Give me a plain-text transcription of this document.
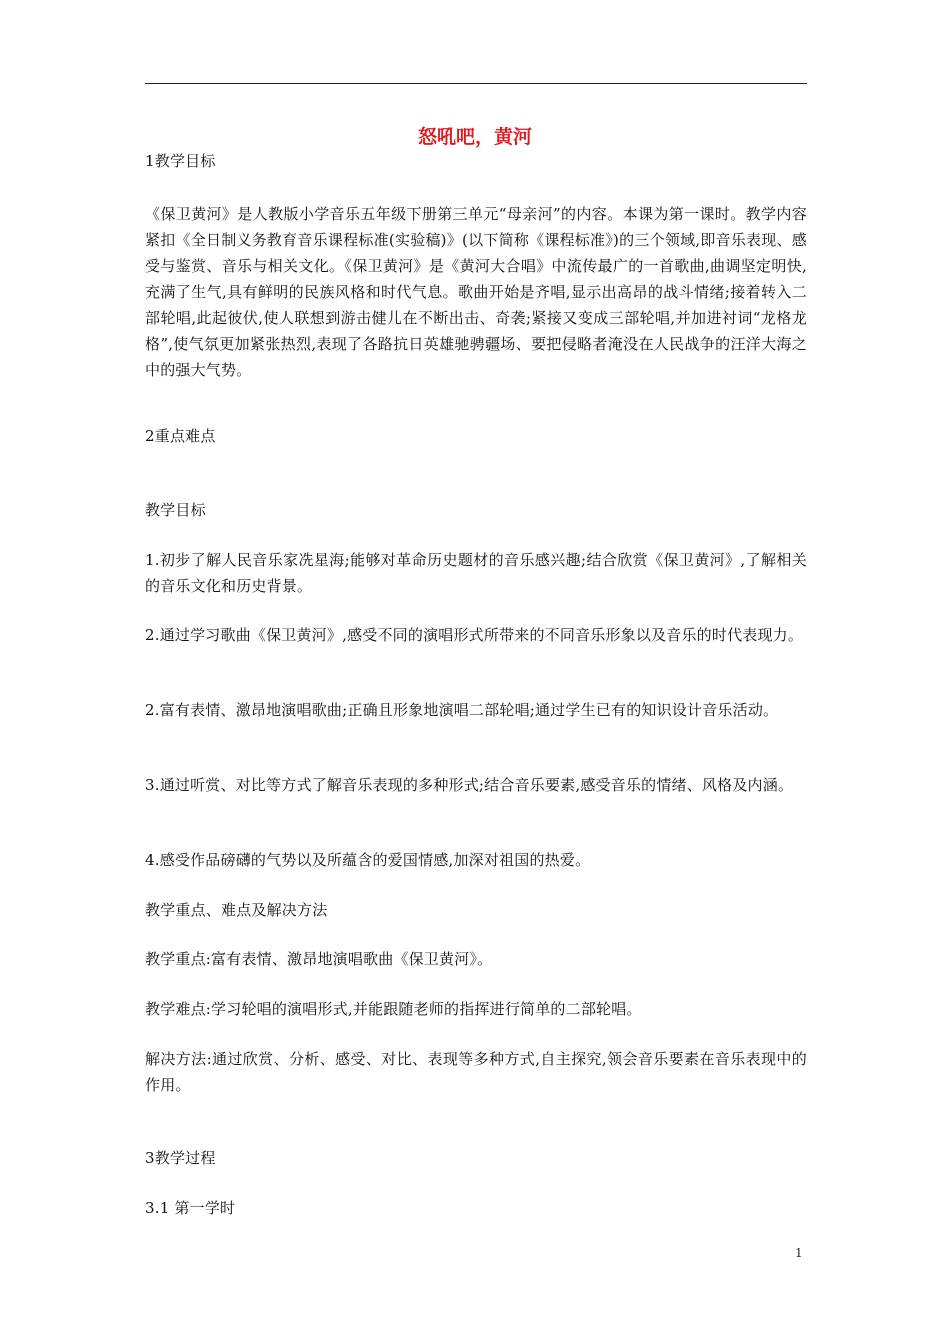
怒吼吧，黄河

1教学目标

《保卫黄河》是人教版小学音乐五年级下册第三单元“母亲河”的内容。本课为第一课时。教学内容紧扣《全日制义务教育音乐课程标准(实验稿)》(以下简称《课程标准》)的三个领域,即音乐表现、感受与鉴赏、音乐与相关文化。《保卫黄河》是《黄河大合唱》中流传最广的一首歌曲,曲调坚定明快,充满了生气,具有鲜明的民族风格和时代气息。歌曲开始是齐唱,显示出高昂的战斗情绪;接着转入二部轮唱,此起彼伏,使人联想到游击健儿在不断出击、奇袭;紧接又变成三部轮唱,并加进衬词“龙格龙格”,使气氛更加紧张热烈,表现了各路抗日英雄驰骋疆场、要把侵略者淹没在人民战争的汪洋大海之中的强大气势。

2重点难点

教学目标

1.初步了解人民音乐家冼星海;能够对革命历史题材的音乐感兴趣;结合欣赏《保卫黄河》,了解相关的音乐文化和历史背景。

2.通过学习歌曲《保卫黄河》,感受不同的演唱形式所带来的不同音乐形象以及音乐的时代表现力。

2.富有表情、激昂地演唱歌曲;正确且形象地演唱二部轮唱;通过学生已有的知识设计音乐活动。

3.通过听赏、对比等方式了解音乐表现的多种形式;结合音乐要素,感受音乐的情绪、风格及内涵。

4.感受作品磅礴的气势以及所蕴含的爱国情感,加深对祖国的热爱。

教学重点、难点及解决方法

教学重点:富有表情、激昂地演唱歌曲《保卫黄河》。

教学难点:学习轮唱的演唱形式,并能跟随老师的指挥进行简单的二部轮唱。

解决方法:通过欣赏、分析、感受、对比、表现等多种方式,自主探究,领会音乐要素在音乐表现中的作用。

3教学过程

3.1 第一学时

1
